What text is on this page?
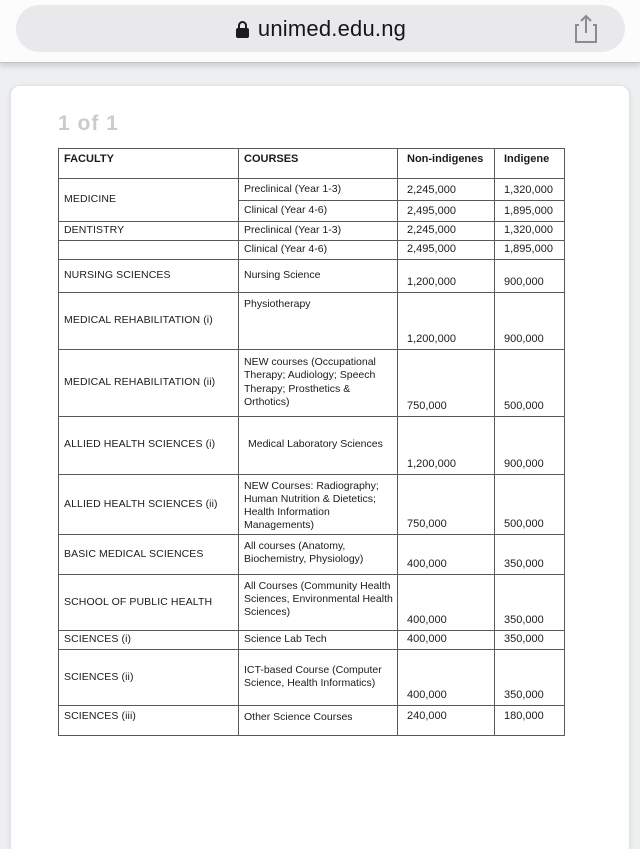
unimed.edu.ng
1 of 1
FACULTY	COURSES	Non-indigenes	Indigene
MEDICINE	Preclinical (Year 1-3)	2,245,000	1,320,000
	Clinical (Year 4-6)	2,495,000	1,895,000
DENTISTRY	Preclinical (Year 1-3)	2,245,000	1,320,000
	Clinical (Year 4-6)	2,495,000	1,895,000
NURSING SCIENCES	Nursing Science	1,200,000	900,000
MEDICAL REHABILITATION (i)	Physiotherapy	1,200,000	900,000
MEDICAL REHABILITATION (ii)	NEW courses (Occupational Therapy; Audiology; Speech Therapy; Prosthetics & Orthotics)	750,000	500,000
ALLIED HEALTH SCIENCES (i)	Medical Laboratory Sciences	1,200,000	900,000
ALLIED HEALTH SCIENCES (ii)	NEW Courses: Radiography; Human Nutrition & Dietetics; Health Information Managements)	750,000	500,000
BASIC MEDICAL SCIENCES	All courses (Anatomy, Biochemistry, Physiology)	400,000	350,000
SCHOOL OF PUBLIC HEALTH	All Courses (Community Health Sciences, Environmental Health Sciences)	400,000	350,000
SCIENCES (i)	Science Lab Tech	400,000	350,000
SCIENCES (ii)	ICT-based Course (Computer Science, Health Informatics)	400,000	350,000
SCIENCES (iii)	Other Science Courses	240,000	180,000
